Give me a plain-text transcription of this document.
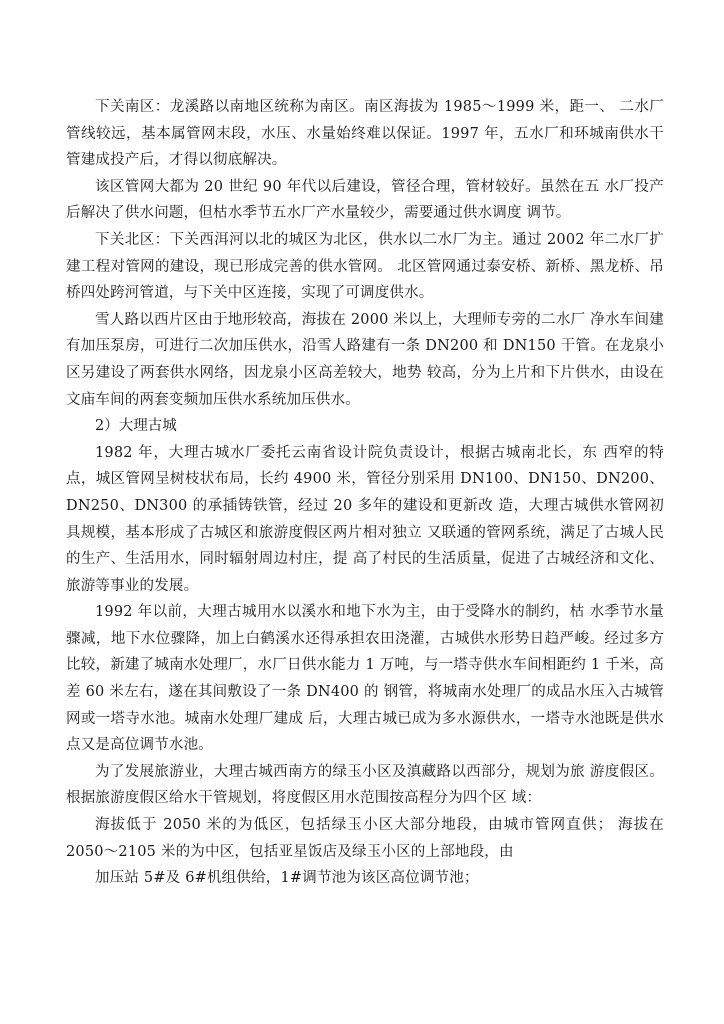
下关南区：龙溪路以南地区统称为南区。南区海拔为 1985～1999 米，距一、 二水厂管线较远，基本属管网末段，水压、水量始终难以保证。1997 年，五水厂和环城南供水干管建成投产后，才得以彻底解决。

该区管网大都为 20 世纪 90 年代以后建设，管径合理，管材较好。虽然在五 水厂投产后解决了供水问题，但枯水季节五水厂产水量较少，需要通过供水调度 调节。

下关北区：下关西洱河以北的城区为北区，供水以二水厂为主。通过 2002 年二水厂扩建工程对管网的建设，现已形成完善的供水管网。 北区管网通过泰安桥、新桥、黑龙桥、吊桥四处跨河管道，与下关中区连接，实现了可调度供水。

雪人路以西片区由于地形较高，海拔在 2000 米以上，大理师专旁的二水厂 净水车间建有加压泵房，可进行二次加压供水，沿雪人路建有一条 DN200 和 DN150 干管。在龙泉小区另建设了两套供水网络，因龙泉小区高差较大，地势 较高，分为上片和下片供水，由设在文庙车间的两套变频加压供水系统加压供水。

2）大理古城

1982 年，大理古城水厂委托云南省设计院负责设计，根据古城南北长，东 西窄的特点，城区管网呈树枝状布局，长约 4900 米，管径分别采用 DN100、DN150、DN200、DN250、DN300 的承插铸铁管，经过 20 多年的建设和更新改 造，大理古城供水管网初具规模，基本形成了古城区和旅游度假区两片相对独立 又联通的管网系统，满足了古城人民的生产、生活用水，同时辐射周边村庄，提 高了村民的生活质量，促进了古城经济和文化、旅游等事业的发展。

1992 年以前，大理古城用水以溪水和地下水为主，由于受降水的制约，枯 水季节水量骤减，地下水位骤降，加上白鹤溪水还得承担农田浇灌，古城供水形势日趋严峻。经过多方比较，新建了城南水处理厂，水厂日供水能力 1 万吨，与一塔寺供水车间相距约 1 千米，高差 60 米左右，遂在其间敷设了一条 DN400 的 钢管，将城南水处理厂的成品水压入古城管网或一塔寺水池。城南水处理厂建成 后，大理古城已成为多水源供水，一塔寺水池既是供水点又是高位调节水池。

为了发展旅游业，大理古城西南方的绿玉小区及滇藏路以西部分，规划为旅 游度假区。根据旅游度假区给水干管规划，将度假区用水范围按高程分为四个区 域：

海拔低于 2050 米的为低区，包括绿玉小区大部分地段，由城市管网直供； 海拔在 2050～2105 米的为中区，包括亚星饭店及绿玉小区的上部地段，由

加压站 5#及 6#机组供给，1#调节池为该区高位调节池；
